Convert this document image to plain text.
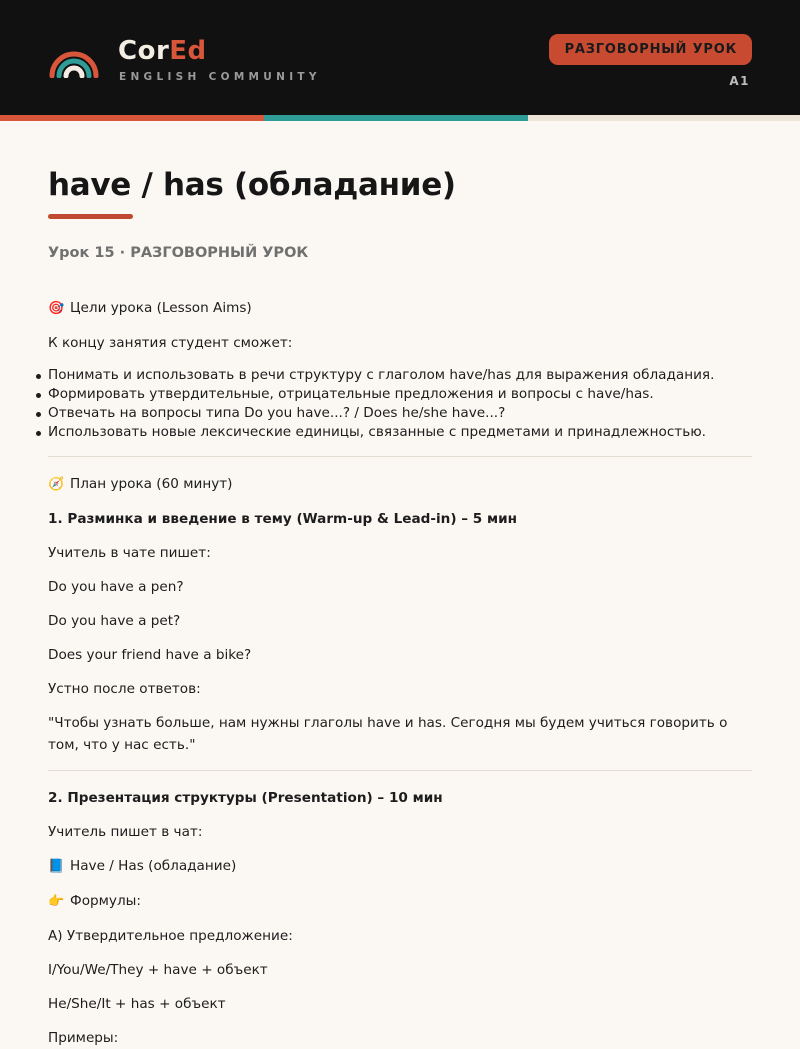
CorEd
ENGLISH COMMUNITY
РАЗГОВОРНЫЙ УРОК
A1
have / has (обладание)
Урок 15 · РАЗГОВОРНЫЙ УРОК

🎯 Цели урока (Lesson Aims)

К концу занятия студент сможет:

Понимать и использовать в речи структуру с глаголом have/has для выражения обладания.
Формировать утвердительные, отрицательные предложения и вопросы с have/has.
Отвечать на вопросы типа Do you have...? / Does he/she have...?
Использовать новые лексические единицы, связанные с предметами и принадлежностью.

🧭 План урока (60 минут)

1. Разминка и введение в тему (Warm-up & Lead-in) – 5 мин

Учитель в чате пишет:

Do you have a pen?

Do you have a pet?

Does your friend have a bike?

Устно после ответов:

"Чтобы узнать больше, нам нужны глаголы have и has. Сегодня мы будем учиться говорить о том, что у нас есть."

2. Презентация структуры (Presentation) – 10 мин

Учитель пишет в чат:

📘 Have / Has (обладание)

👉 Формулы:

A) Утвердительное предложение:

I/You/We/They + have + объект

He/She/It + has + объект

Примеры:
